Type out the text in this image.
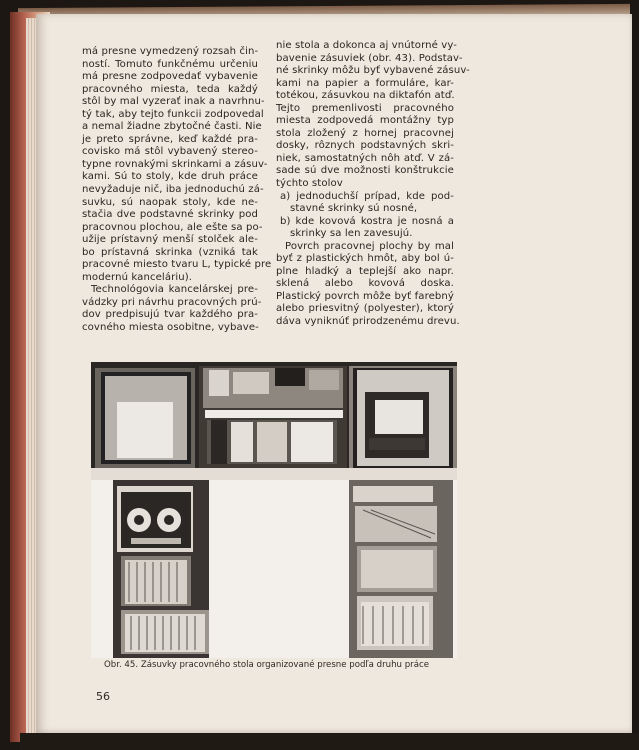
má presne vymedzený rozsah čin-
ností. Tomuto funkčnému určeniu
má presne zodpovedať vybavenie
pracovného miesta, teda každý
stôl by mal vyzerať inak a navrhnu-
tý tak, aby tejto funkcii zodpovedal
a nemal žiadne zbytočné časti. Nie
je preto správne, keď každé pra-
covisko má stôl vybavený stereo-
typne rovnakými skrinkami a zásuv-
kami. Sú to stoly, kde druh práce
nevyžaduje nič, iba jednoduchú zá-
suvku, sú naopak stoly, kde ne-
stačia dve podstavné skrinky pod
pracovnou plochou, ale ešte sa po-
užije prístavný menší stolček ale-
bo prístavná skrinka (vzniká tak
pracovné miesto tvaru L, typické pre
modernú kanceláriu).
Technológovia kancelárskej pre-
vádzky pri návrhu pracovných prú-
dov predpisujú tvar každého pra-
covného miesta osobitne, vybave-
nie stola a dokonca aj vnútorné vy-
bavenie zásuviek (obr. 43). Podstav-
né skrinky môžu byť vybavené zásuv-
kami na papier a formuláre, kar-
totékou, zásuvkou na diktafón atď.
Tejto premenlivosti pracovného
miesta zodpovedá montážny typ
stola zložený z hornej pracovnej
dosky, rôznych podstavných skri-
niek, samostatných nôh atď. V zá-
sade sú dve možnosti konštrukcie
týchto stolov
a) jednoduchší prípad, kde pod-
stavné skrinky sú nosné,
b) kde kovová kostra je nosná a
skrinky sa len zavesujú.
Povrch pracovnej plochy by mal
byť z plastických hmôt, aby bol ú-
plne hladký a teplejší ako napr.
sklená alebo kovová doska.
Plastický povrch môže byť farebný
alebo priesvitný (polyester), ktorý
dáva vyniknúť prirodzenému drevu.
Obr. 45. Zásuvky pracovného stola organizované presne podľa druhu práce
56
